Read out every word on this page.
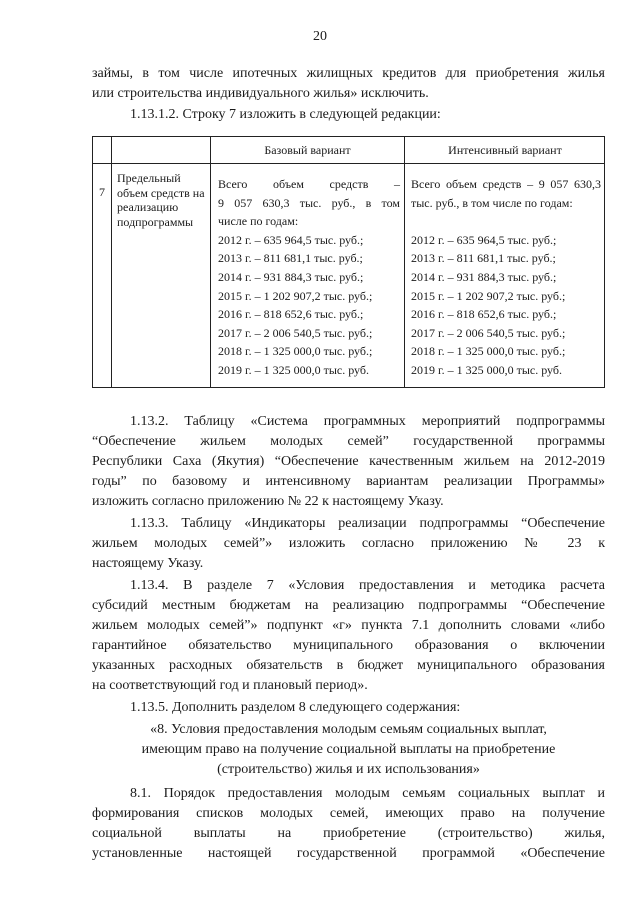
20
займы, в том числе ипотечных жилищных кредитов для приобретения жилья
или строительства индивидуального жилья» исключить.
1.13.1.2. Строку 7 изложить в следующей редакции:
Базовый вариант	Интенсивный вариант
7
Предельный
объем средств на
реализацию
подпрограммы
Всего объем средств –
9 057 630,3 тыс. руб., в том
числе по годам:
2012 г. – 635 964,5 тыс. руб.;
2013 г. – 811 681,1 тыс. руб.;
2014 г. – 931 884,3 тыс. руб.;
2015 г. – 1 202 907,2 тыс. руб.;
2016 г. – 818 652,6 тыс. руб.;
2017 г. – 2 006 540,5 тыс. руб.;
2018 г. – 1 325 000,0 тыс. руб.;
2019 г. – 1 325 000,0 тыс. руб.
Всего объем средств – 9 057 630,3
тыс. руб., в том числе по годам:
2012 г. – 635 964,5 тыс. руб.;
2013 г. – 811 681,1 тыс. руб.;
2014 г. – 931 884,3 тыс. руб.;
2015 г. – 1 202 907,2 тыс. руб.;
2016 г. – 818 652,6 тыс. руб.;
2017 г. – 2 006 540,5 тыс. руб.;
2018 г. – 1 325 000,0 тыс. руб.;
2019 г. – 1 325 000,0 тыс. руб.
1.13.2. Таблицу «Система программных мероприятий подпрограммы
“Обеспечение жильем молодых семей” государственной программы
Республики Саха (Якутия) “Обеспечение качественным жильем на 2012-2019
годы” по базовому и интенсивному вариантам реализации Программы»
изложить согласно приложению № 22 к настоящему Указу.
1.13.3. Таблицу «Индикаторы реализации подпрограммы “Обеспечение
жильем молодых семей”» изложить согласно приложению № 23 к
настоящему Указу.
1.13.4. В разделе 7 «Условия предоставления и методика расчета
субсидий местным бюджетам на реализацию подпрограммы “Обеспечение
жильем молодых семей”» подпункт «г» пункта 7.1 дополнить словами «либо
гарантийное обязательство муниципального образования о включении
указанных расходных обязательств в бюджет муниципального образования
на соответствующий год и плановый период».
1.13.5. Дополнить разделом 8 следующего содержания:
«8. Условия предоставления молодым семьям социальных выплат,
имеющим право на получение социальной выплаты на приобретение
(строительство) жилья и их использования»
8.1. Порядок предоставления молодым семьям социальных выплат и
формирования списков молодых семей, имеющих право на получение
социальной выплаты на приобретение (строительство) жилья,
установленные настоящей государственной программой «Обеспечение
